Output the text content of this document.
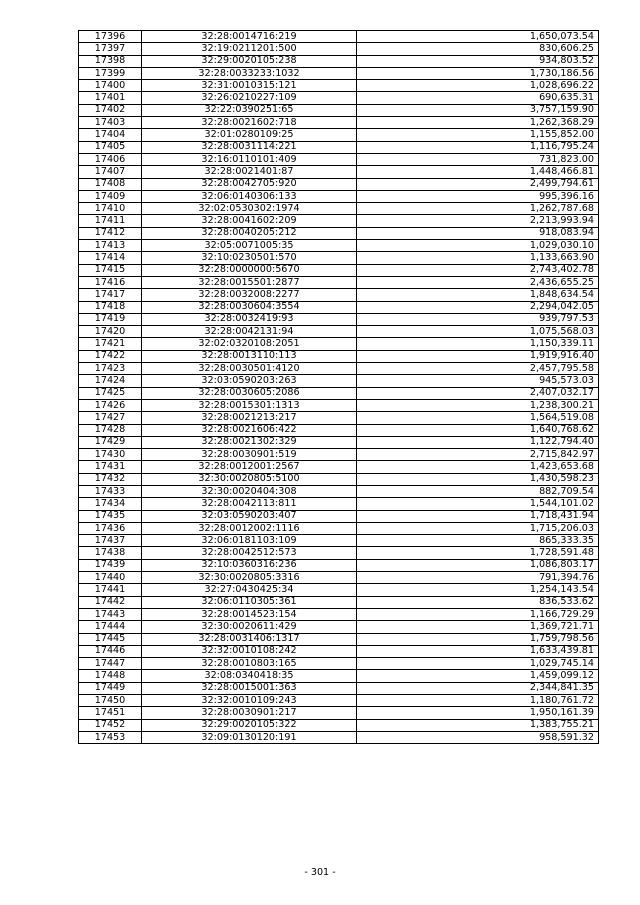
17396	32:28:0014716:219	1,650,073.54
17397	32:19:0211201:500	830,606.25
17398	32:29:0020105:238	934,803.52
17399	32:28:0033233:1032	1,730,186.56
17400	32:31:0010315:121	1,028,696.22
17401	32:26:0210227:109	690,635.31
17402	32:22:0390251:65	3,757,159.90
17403	32:28:0021602:718	1,262,368.29
17404	32:01:0280109:25	1,155,852.00
17405	32:28:0031114:221	1,116,795.24
17406	32:16:0110101:409	731,823.00
17407	32:28:0021401:87	1,448,466.81
17408	32:28:0042705:920	2,499,794.61
17409	32:06:0140306:133	995,396.16
17410	32:02:0530302:1974	1,262,787.68
17411	32:28:0041602:209	2,213,993.94
17412	32:28:0040205:212	918,083.94
17413	32:05:0071005:35	1,029,030.10
17414	32:10:0230501:570	1,133,663.90
17415	32:28:0000000:5670	2,743,402.78
17416	32:28:0015501:2877	2,436,655.25
17417	32:28:0032008:2277	1,848,634.54
17418	32:28:0030604:3554	2,294,042.05
17419	32:28:0032419:93	939,797.53
17420	32:28:0042131:94	1,075,568.03
17421	32:02:0320108:2051	1,150,339.11
17422	32:28:0013110:113	1,919,916.40
17423	32:28:0030501:4120	2,457,795.58
17424	32:03:0590203:263	945,573.03
17425	32:28:0030605:2086	2,407,032.17
17426	32:28:0015301:1313	1,238,300.21
17427	32:28:0021213:217	1,564,519.08
17428	32:28:0021606:422	1,640,768.62
17429	32:28:0021302:329	1,122,794.40
17430	32:28:0030901:519	2,715,842.97
17431	32:28:0012001:2567	1,423,653.68
17432	32:30:0020805:5100	1,430,598.23
17433	32:30:0020404:308	882,709.54
17434	32:28:0042113:811	1,544,101.02
17435	32:03:0590203:407	1,718,431.94
17436	32:28:0012002:1116	1,715,206.03
17437	32:06:0181103:109	865,333.35
17438	32:28:0042512:573	1,728,591.48
17439	32:10:0360316:236	1,086,803.17
17440	32:30:0020805:3316	791,394.76
17441	32:27:0430425:34	1,254,143.54
17442	32:06:0110305:361	836,533.62
17443	32:28:0014523:154	1,166,729.29
17444	32:30:0020611:429	1,369,721.71
17445	32:28:0031406:1317	1,759,798.56
17446	32:32:0010108:242	1,633,439.81
17447	32:28:0010803:165	1,029,745.14
17448	32:08:0340418:35	1,459,099.12
17449	32:28:0015001:363	2,344,841.35
17450	32:32:0010109:243	1,180,761.72
17451	32:28:0030901:217	1,950,161.39
17452	32:29:0020105:322	1,383,755.21
17453	32:09:0130120:191	958,591.32
- 301 -
